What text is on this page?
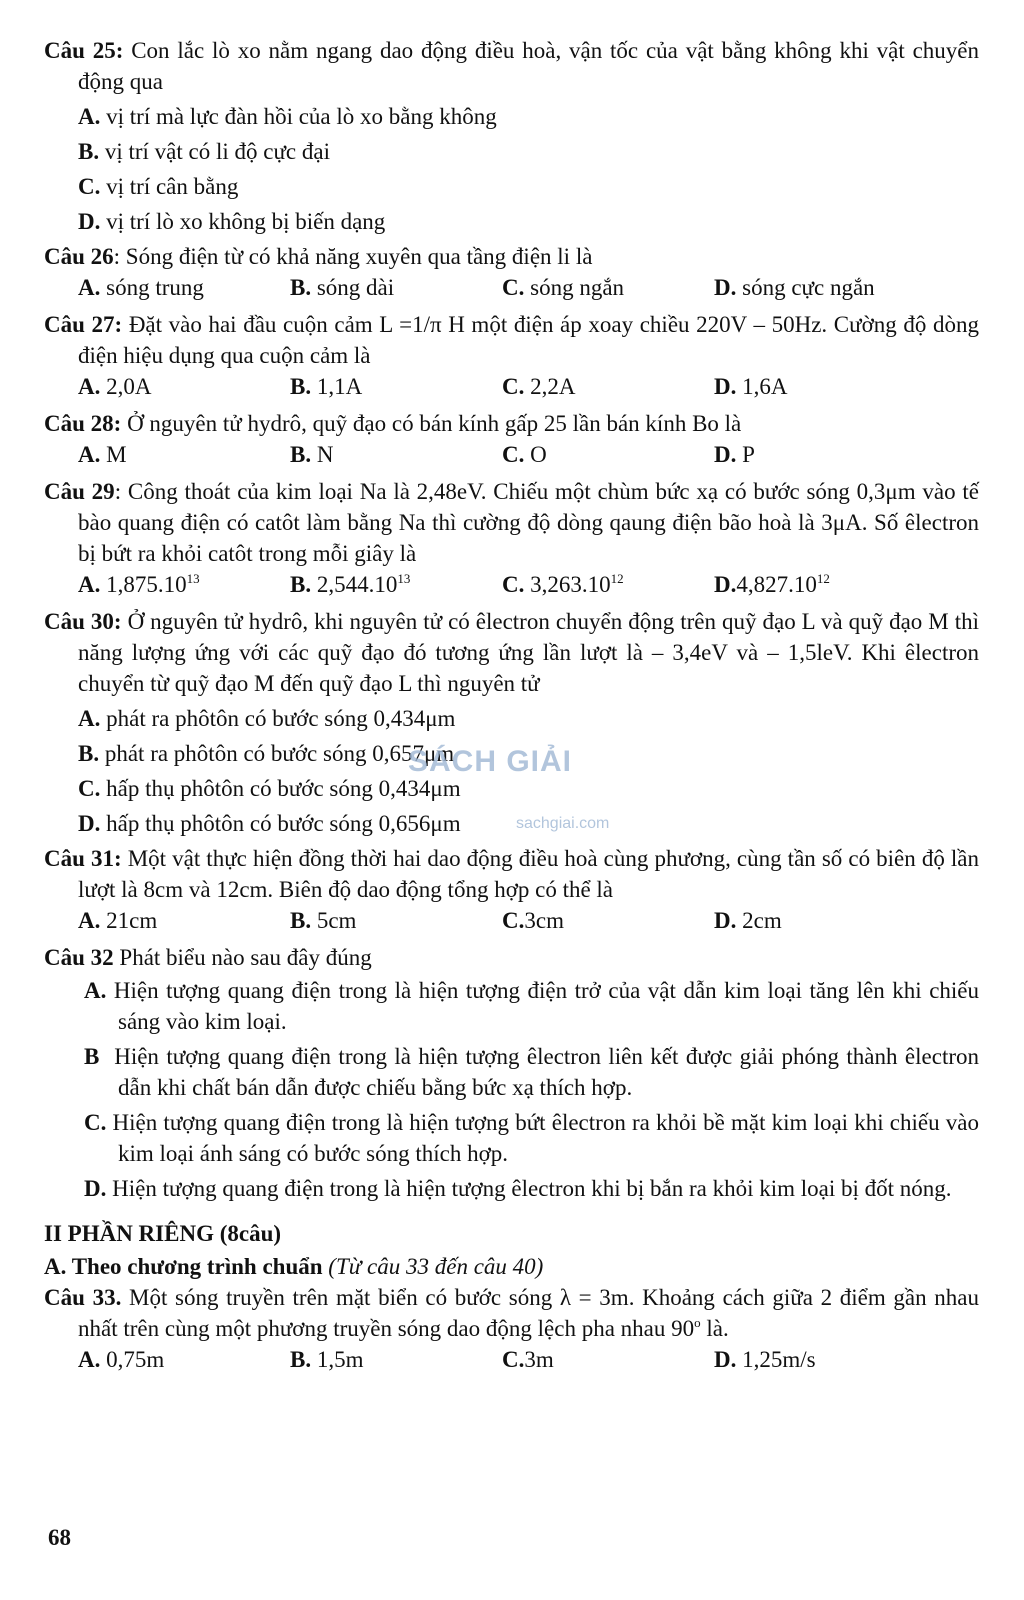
Câu 25: Con lắc lò xo nằm ngang dao động điều hoà, vận tốc của vật bằng không khi vật chuyển động qua

A. vị trí mà lực đàn hồi của lò xo bằng không
B. vị trí vật có li độ cực đại
C. vị trí cân bằng
D. vị trí lò xo không bị biến dạng

Câu 26: Sóng điện từ có khả năng xuyên qua tầng điện li là

A. sóng trung	B. sóng dài	C. sóng ngắn	D. sóng cực ngắn

Câu 27: Đặt vào hai đầu cuộn cảm L =1/π H một điện áp xoay chiều 220V – 50Hz. Cường độ dòng điện hiệu dụng qua cuộn cảm là

A. 2,0A	B. 1,1A	C. 2,2A	D. 1,6A

Câu 28: Ở nguyên tử hydrô, quỹ đạo có bán kính gấp 25 lần bán kính Bo là

A. M	B. N	C. O	D. P

Câu 29: Công thoát của kim loại Na là 2,48eV. Chiếu một chùm bức xạ có bước sóng 0,3μm vào tế bào quang điện có catôt làm bằng Na thì cường độ dòng qaung điện bão hoà là 3μA. Số êlectron bị bứt ra khỏi catôt trong mỗi giây là

A. 1,875.10$^{13}$	B. 2,544.10$^{13}$	C. 3,263.10$^{12}$	D.4,827.10$^{12}$

Câu 30: Ở nguyên tử hydrô, khi nguyên tử có êlectron chuyển động trên quỹ đạo L và quỹ đạo M thì năng lượng ứng với các quỹ đạo đó tương ứng lần lượt là – 3,4eV và – 1,5leV. Khi êlectron chuyển từ quỹ đạo M đến quỹ đạo L thì nguyên tử

A. phát ra phôtôn có bước sóng 0,434μm
B. phát ra phôtôn có bước sóng 0,657μm
C. hấp thụ phôtôn có bước sóng 0,434μm
D. hấp thụ phôtôn có bước sóng 0,656μm

Câu 31: Một vật thực hiện đồng thời hai dao động điều hoà cùng phương, cùng tần số có biên độ lần lượt là 8cm và 12cm. Biên độ dao động tổng hợp có thể là

A. 21cm	B. 5cm	C.3cm	D. 2cm

Câu 32 Phát biểu nào sau đây đúng

A. Hiện tượng quang điện trong là hiện tượng điện trở của vật dẫn kim loại tăng lên khi chiếu sáng vào kim loại.
B Hiện tượng quang điện trong là hiện tượng êlectron liên kết được giải phóng thành êlectron dẫn khi chất bán dẫn được chiếu bằng bức xạ thích hợp.
C. Hiện tượng quang điện trong là hiện tượng bứt êlectron ra khỏi bề mặt kim loại khi chiếu vào kim loại ánh sáng có bước sóng thích hợp.
D. Hiện tượng quang điện trong là hiện tượng êlectron khi bị bắn ra khỏi kim loại bị đốt nóng.
II PHẦN RIÊNG (8câu)
A. Theo chương trình chuẩn (Từ câu 33 đến câu 40)

Câu 33. Một sóng truyền trên mặt biển có bước sóng λ = 3m. Khoảng cách giữa 2 điểm gần nhau nhất trên cùng một phương truyền sóng dao động lệch pha nhau 90$^o$ là.

A. 0,75m	B. 1,5m	C.3m	D. 1,25m/s
SÁCH GIẢI
sachgiai.com
68
